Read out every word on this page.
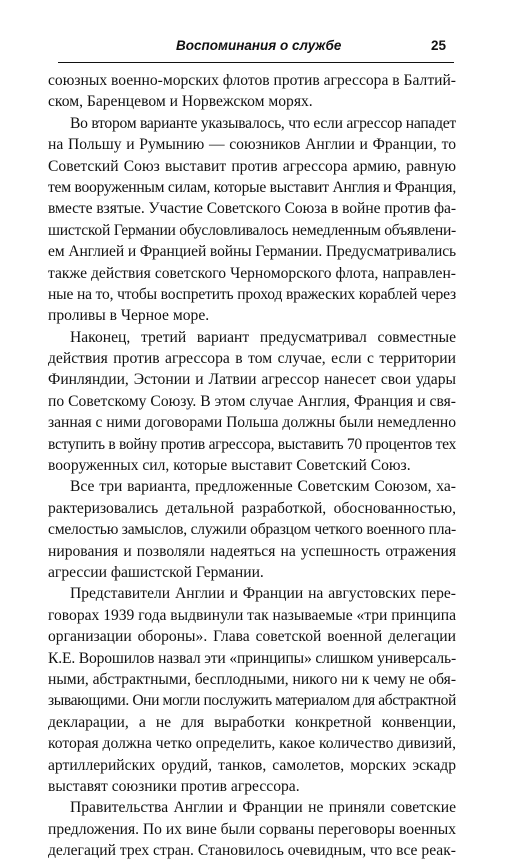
Воспоминания о службе	25
союзных военно-морских флотов против агрессора в Балтий-
ском, Баренцевом и Норвежском морях.
Во втором варианте указывалось, что если агрессор нападет
на Польшу и Румынию — союзников Англии и Франции, то
Советский Союз выставит против агрессора армию, равную
тем вооруженным силам, которые выставит Англия и Франция,
вместе взятые. Участие Советского Союза в войне против фа-
шистской Германии обусловливалось немедленным объявлени-
ем Англией и Францией войны Германии. Предусматривались
также действия советского Черноморского флота, направлен-
ные на то, чтобы воспретить проход вражеских кораблей через
проливы в Черное море.
Наконец, третий вариант предусматривал совместные
действия против агрессора в том случае, если с территории
Финляндии, Эстонии и Латвии агрессор нанесет свои удары
по Советскому Союзу. В этом случае Англия, Франция и свя-
занная с ними договорами Польша должны были немедленно
вступить в войну против агрессора, выставить 70 процентов тех
вооруженных сил, которые выставит Советский Союз.
Все три варианта, предложенные Советским Союзом, ха-
рактеризовались детальной разработкой, обоснованностью,
смелостью замыслов, служили образцом четкого военного пла-
нирования и позволяли надеяться на успешность отражения
агрессии фашистской Германии.
Представители Англии и Франции на августовских пере-
говорах 1939 года выдвинули так называемые «три принципа
организации обороны». Глава советской военной делегации
К.Е. Ворошилов назвал эти «принципы» слишком универсаль-
ными, абстрактными, бесплодными, никого ни к чему не обя-
зывающими. Они могли послужить материалом для абстрактной
декларации, а не для выработки конкретной конвенции,
которая должна четко определить, какое количество дивизий,
артиллерийских орудий, танков, самолетов, морских эскадр
выставят союзники против агрессора.
Правительства Англии и Франции не приняли советские
предложения. По их вине были сорваны переговоры военных
делегаций трех стран. Становилось очевидным, что все реак-
